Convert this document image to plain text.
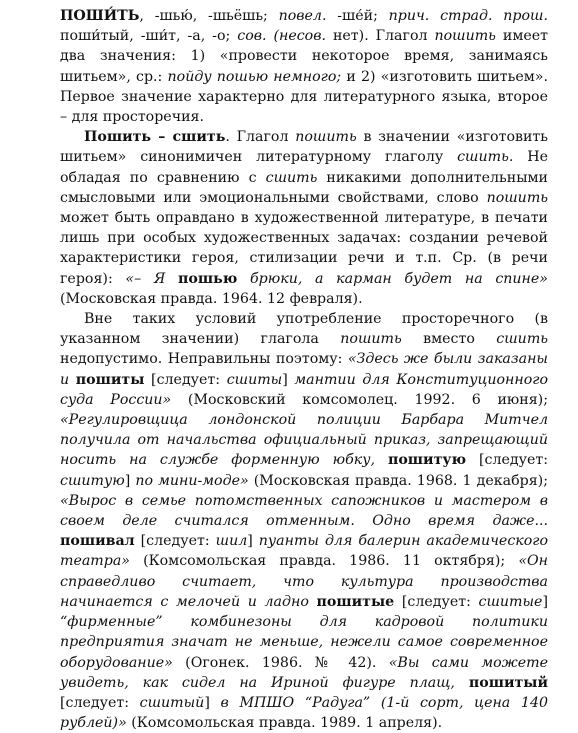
ПОШИ́ТЬ, -шью́, -шьёшь; повел. -ше́й; прич. страд. прош. поши́тый, -ши́т, -а, -о; сов. (несов. нет). Глагол пошить имеет два значения: 1) «провести некоторое время, занимаясь шитьем», ср.: пойду пошью немного; и 2) «изготовить шитьем». Первое значение характерно для литературного языка, второе – для просторечия.

Пошить – сшить. Глагол пошить в значении «изготовить шитьем» синонимичен литературному глаголу сшить. Не обладая по сравнению с сшить никакими дополнительными смысловыми или эмоциональными свойствами, слово пошить может быть оправдано в художественной литературе, в печати лишь при особых художественных задачах: создании речевой характеристики героя, стилизации речи и т.п. Ср. (в речи героя): «– Я пошью брюки, а карман будет на спине» (Московская правда. 1964. 12 февраля).

Вне таких условий употребление просторечного (в указанном значении) глагола пошить вместо сшить недопустимо. Неправильны поэтому: «Здесь же были заказаны и пошиты [следует: сшиты] мантии для Конституционного суда России» (Московский комсомолец. 1992. 6 июня); «Регулировщица лондонской полиции Барбара Митчел получила от начальства официальный приказ, запрещающий носить на службе форменную юбку, пошитую [следует: сшитую] по мини-моде» (Московская правда. 1968. 1 декабря); «Вырос в семье потомственных сапожников и мастером в своем деле считался отменным. Одно время даже... пошивал [следует: шил] пуанты для балерин академического театра» (Комсомольская правда. 1986. 11 октября); «Он справедливо считает, что культура производства начинается с мелочей и ладно пошитые [следует: сшитые] “фирменные” комбинезоны для кадровой политики предприятия значат не меньше, нежели самое современное оборудование» (Огонек. 1986. № 42). «Вы сами можете увидеть, как сидел на Ириной фигуре плащ, пошитый [следует: сшитый] в МПШО “Радуга” (1-й сорт, цена 140 рублей)» (Комсомольская правда. 1989. 1 апреля).
